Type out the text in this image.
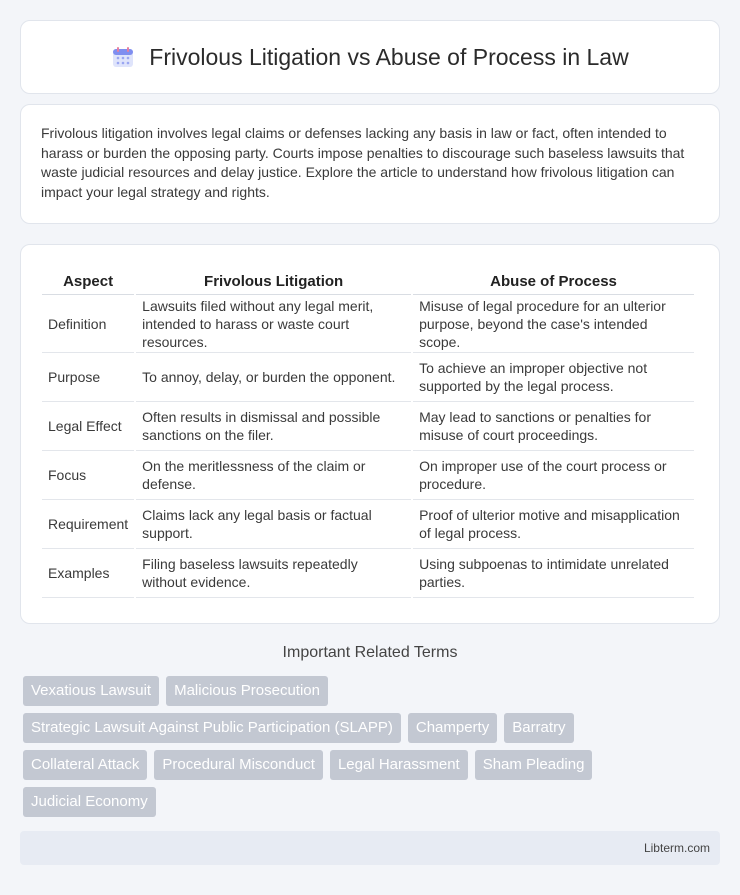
Frivolous Litigation vs Abuse of Process in Law

Frivolous litigation involves legal claims or defenses lacking any basis in law or fact, often intended to harass or burden the opposing party. Courts impose penalties to discourage such baseless lawsuits that waste judicial resources and delay justice. Explore the article to understand how frivolous litigation can impact your legal strategy and rights.

Aspect	Frivolous Litigation	Abuse of Process
Definition	Lawsuits filed without any legal merit, intended to harass or waste court resources.	Misuse of legal procedure for an ulterior purpose, beyond the case's intended scope.
Purpose	To annoy, delay, or burden the opponent.	To achieve an improper objective not supported by the legal process.
Legal Effect	Often results in dismissal and possible sanctions on the filer.	May lead to sanctions or penalties for misuse of court proceedings.
Focus	On the meritlessness of the claim or defense.	On improper use of the court process or procedure.
Requirement	Claims lack any legal basis or factual support.	Proof of ulterior motive and misapplication of legal process.
Examples	Filing baseless lawsuits repeatedly without evidence.	Using subpoenas to intimidate unrelated parties.
Important Related Terms
Vexatious Lawsuit	Malicious Prosecution
Strategic Lawsuit Against Public Participation (SLAPP)	Champerty	Barratry
Collateral Attack	Procedural Misconduct	Legal Harassment	Sham Pleading
Judicial Economy
Libterm.com
